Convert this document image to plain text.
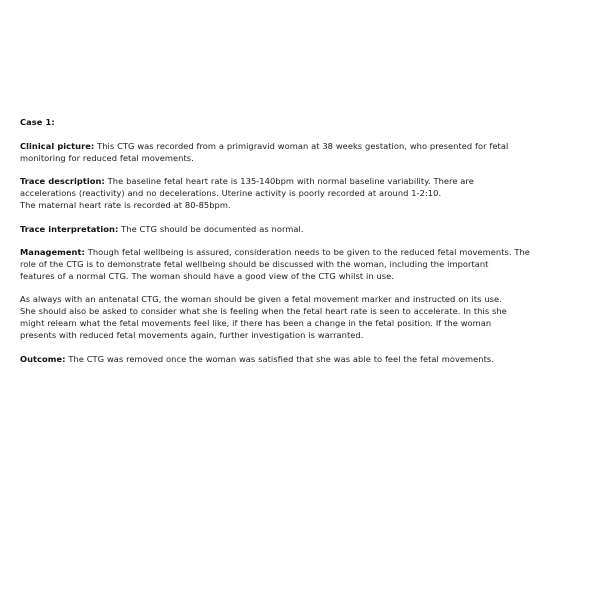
Case 1:
Clinical picture: This CTG was recorded from a primigravid woman at 38 weeks gestation, who presented for fetal
monitoring for reduced fetal movements.
Trace description: The baseline fetal heart rate is 135-140bpm with normal baseline variability. There are
accelerations (reactivity) and no decelerations. Uterine activity is poorly recorded at around 1-2:10.
The maternal heart rate is recorded at 80-85bpm.
Trace interpretation: The CTG should be documented as normal.
Management: Though fetal wellbeing is assured, consideration needs to be given to the reduced fetal movements. The
role of the CTG is to demonstrate fetal wellbeing should be discussed with the woman, including the important
features of a normal CTG. The woman should have a good view of the CTG whilst in use.
As always with an antenatal CTG, the woman should be given a fetal movement marker and instructed on its use.
She should also be asked to consider what she is feeling when the fetal heart rate is seen to accelerate. In this she
might relearn what the fetal movements feel like, if there has been a change in the fetal position. If the woman
presents with reduced fetal movements again, further investigation is warranted.
Outcome: The CTG was removed once the woman was satisfied that she was able to feel the fetal movements.
